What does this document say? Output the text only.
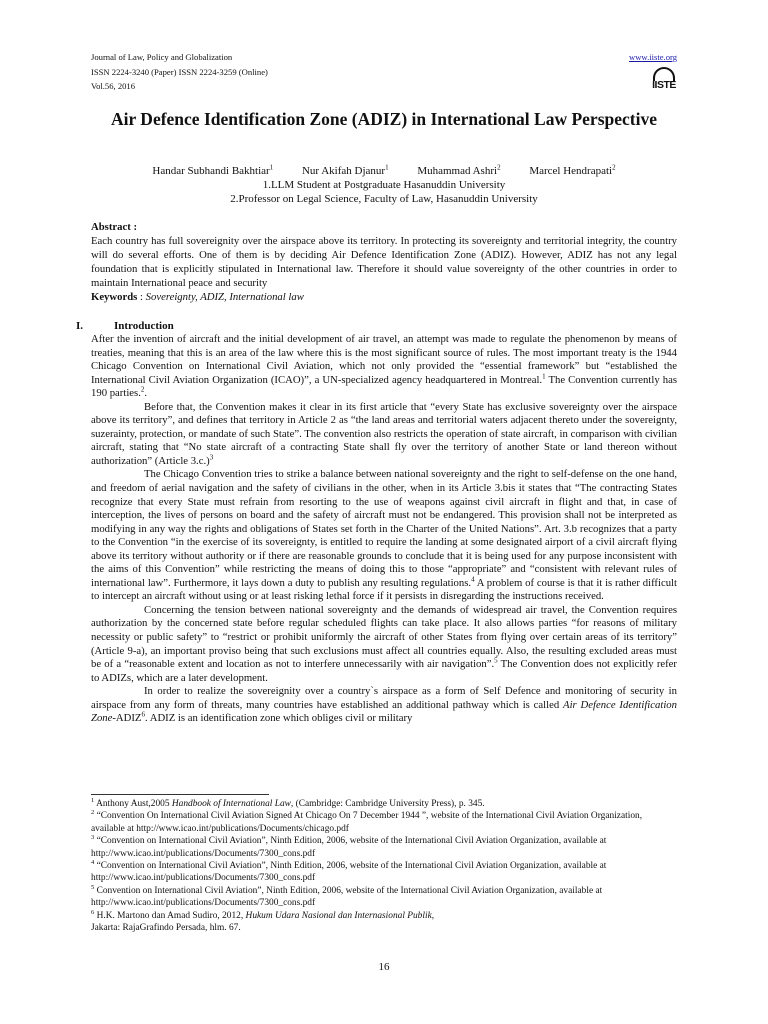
Journal of Law, Policy and Globalization
ISSN 2224-3240 (Paper) ISSN 2224-3259 (Online)
Vol.56, 2016
www.iiste.org
IISTE
Air Defence Identification Zone (ADIZ) in International Law Perspective
Handar Subhandi Bakhtiar$^1$	Nur Akifah Djanur$^1$	Muhammad Ashri$^2$	Marcel Hendrapati$^2$
1.LLM Student at Postgraduate Hasanuddin University
2.Professor on Legal Science, Faculty of Law, Hasanuddin University
Abstract :
Each country has full sovereignity over the airspace above its territory. In protecting its sovereignty and territorial integrity, the country will do several efforts. One of them is by deciding Air Defence Identification Zone (ADIZ). However, ADIZ has not any legal foundation that is explicitly stipulated in International law. Therefore it should value sovereignty of the other countries in order to maintain International peace and security
Keywords : Sovereignty, ADIZ, International law
I.	Introduction

After the invention of aircraft and the initial development of air travel, an attempt was made to regulate the phenomenon by means of treaties, meaning that this is an area of the law where this is the most significant source of rules. The most important treaty is the 1944 Chicago Convention on International Civil Aviation, which not only provided the “essential framework” but “established the International Civil Aviation Organization (ICAO)”, a UN-specialized agency headquartered in Montreal.$^1$ The Convention currently has 190 parties.$^2$.

Before that, the Convention makes it clear in its first article that “every State has exclusive sovereignty over the airspace above its territory”, and defines that territory in Article 2 as “the land areas and territorial waters adjacent thereto under the sovereignty, suzerainty, protection, or mandate of such State”. The convention also restricts the operation of state aircraft, in comparison with civilian aircraft, stating that “No state aircraft of a contracting State shall fly over the territory of another State or land thereon without authorization” (Article 3.c.)$^3$

The Chicago Convention tries to strike a balance between national sovereignty and the right to self-defense on the one hand, and freedom of aerial navigation and the safety of civilians in the other, when in its Article 3.bis it states that “The contracting States recognize that every State must refrain from resorting to the use of weapons against civil aircraft in flight and that, in case of interception, the lives of persons on board and the safety of aircraft must not be endangered. This provision shall not be interpreted as modifying in any way the rights and obligations of States set forth in the Charter of the United Nations”. Art. 3.b recognizes that a party to the Convention “in the exercise of its sovereignty, is entitled to require the landing at some designated airport of a civil aircraft flying above its territory without authority or if there are reasonable grounds to conclude that it is being used for any purpose inconsistent with the aims of this Convention” while restricting the means of doing this to those “appropriate” and “consistent with relevant rules of international law”. Furthermore, it lays down a duty to publish any resulting regulations.$^4$ A problem of course is that it is rather difficult to intercept an aircraft without using or at least risking lethal force if it persists in disregarding the instructions received.

Concerning the tension between national sovereignty and the demands of widespread air travel, the Convention requires authorization by the concerned state before regular scheduled flights can take place. It also allows parties “for reasons of military necessity or public safety” to “restrict or prohibit uniformly the aircraft of other States from flying over certain areas of its territory” (Article 9-a), an important proviso being that such exclusions must affect all countries equally. Also, the resulting excluded areas must be of a “reasonable extent and location as not to interfere unnecessarily with air navigation”.$^5$ The Convention does not explicitly refer to ADIZs, which are a later development.

In order to realize the sovereignity over a country`s airspace as a form of Self Defence and monitoring of security in airspace from any form of threats, many countries have established an additional pathway which is called Air Defence Identification Zone-ADIZ$^6$. ADIZ is an identification zone which obliges civil or military

$^1$ Anthony Aust,2005 Handbook of International Law, (Cambridge: Cambridge University Press), p. 345.

$^2$ “Convention On International Civil Aviation Signed At Chicago On 7 December 1944 ”, website of the International Civil Aviation Organization, available at http://www.icao.int/publications/Documents/chicago.pdf

$^3$ “Convention on International Civil Aviation”, Ninth Edition, 2006, website of the International Civil Aviation Organization, available at http://www.icao.int/publications/Documents/7300_cons.pdf

$^4$ “Convention on International Civil Aviation”, Ninth Edition, 2006, website of the International Civil Aviation Organization, available at http://www.icao.int/publications/Documents/7300_cons.pdf

$^5$ Convention on International Civil Aviation”, Ninth Edition, 2006, website of the International Civil Aviation Organization, available at http://www.icao.int/publications/Documents/7300_cons.pdf

$^6$ H.K. Martono dan Amad Sudiro, 2012, Hukum Udara Nasional dan Internasional Publik,

Jakarta: RajaGrafindo Persada, hlm. 67.

16
